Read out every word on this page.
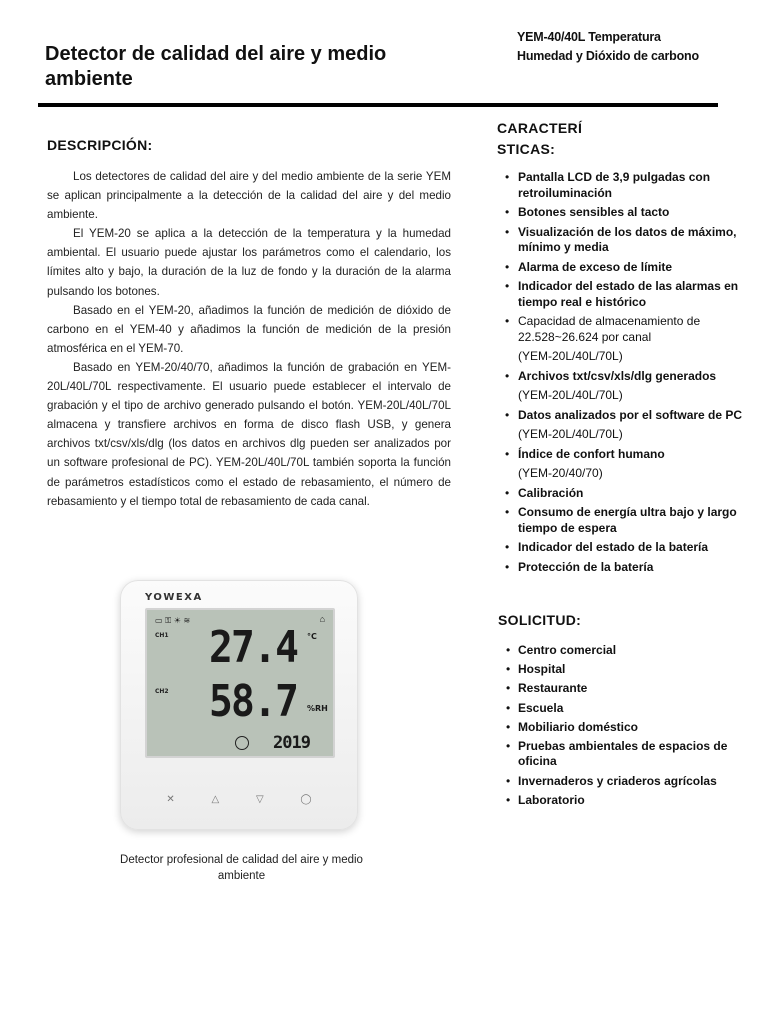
Detector de calidad del aire y medio ambiente
YEM-40/40L Temperatura
Humedad y Dióxido de carbono
DESCRIPCIÓN:

Los detectores de calidad del aire y del medio ambiente de la serie YEM se aplican principalmente a la detección de la calidad del aire y del medio ambiente.

El YEM-20 se aplica a la detección de la temperatura y la humedad ambiental. El usuario puede ajustar los parámetros como el calendario, los límites alto y bajo, la duración de la luz de fondo y la duración de la alarma pulsando los botones.

Basado en el YEM-20, añadimos la función de medición de dióxido de carbono en el YEM-40 y añadimos la función de medición de la presión atmosférica en el YEM-70.

Basado en YEM-20/40/70, añadimos la función de grabación en YEM- 20L/40L/70L respectivamente. El usuario puede establecer el intervalo de grabación y el tipo de archivo generado pulsando el botón. YEM-20L/40L/70L almacena y transfiere archivos en forma de disco flash USB, y genera archivos txt/csv/xls/dlg (los datos en archivos dlg pueden ser analizados por un software profesional de PC). YEM-20L/40L/70L también soporta la función de parámetros estadísticos como el estado de rebasamiento, el número de rebasamiento y el tiempo total de rebasamiento de cada canal.

YOWEXA
▭ ⚿ ☀ ≋	⌂
CH1 27.4 °C
CH2 58.7 %RH
2019
✕	△	▽	◯
Detector profesional de calidad del aire y medio ambiente
CARACTERÍ
STICAS:
• Pantalla LCD de 3,9 pulgadas con retroiluminación
• Botones sensibles al tacto
• Visualización de los datos de máximo, mínimo y media
• Alarma de exceso de límite
• Indicador del estado de las alarmas en tiempo real e histórico
• Capacidad de almacenamiento de 22.528~26.624 por canal
(YEM-20L/40L/70L)
• Archivos txt/csv/xls/dlg generados
(YEM-20L/40L/70L)
• Datos analizados por el software de PC
(YEM-20L/40L/70L)
• Índice de confort humano
(YEM-20/40/70)
• Calibración
• Consumo de energía ultra bajo y largo tiempo de espera
• Indicador del estado de la batería
• Protección de la batería
SOLICITUD:
• Centro comercial
• Hospital
• Restaurante
• Escuela
• Mobiliario doméstico
• Pruebas ambientales de espacios de oficina
• Invernaderos y criaderos agrícolas
• Laboratorio
